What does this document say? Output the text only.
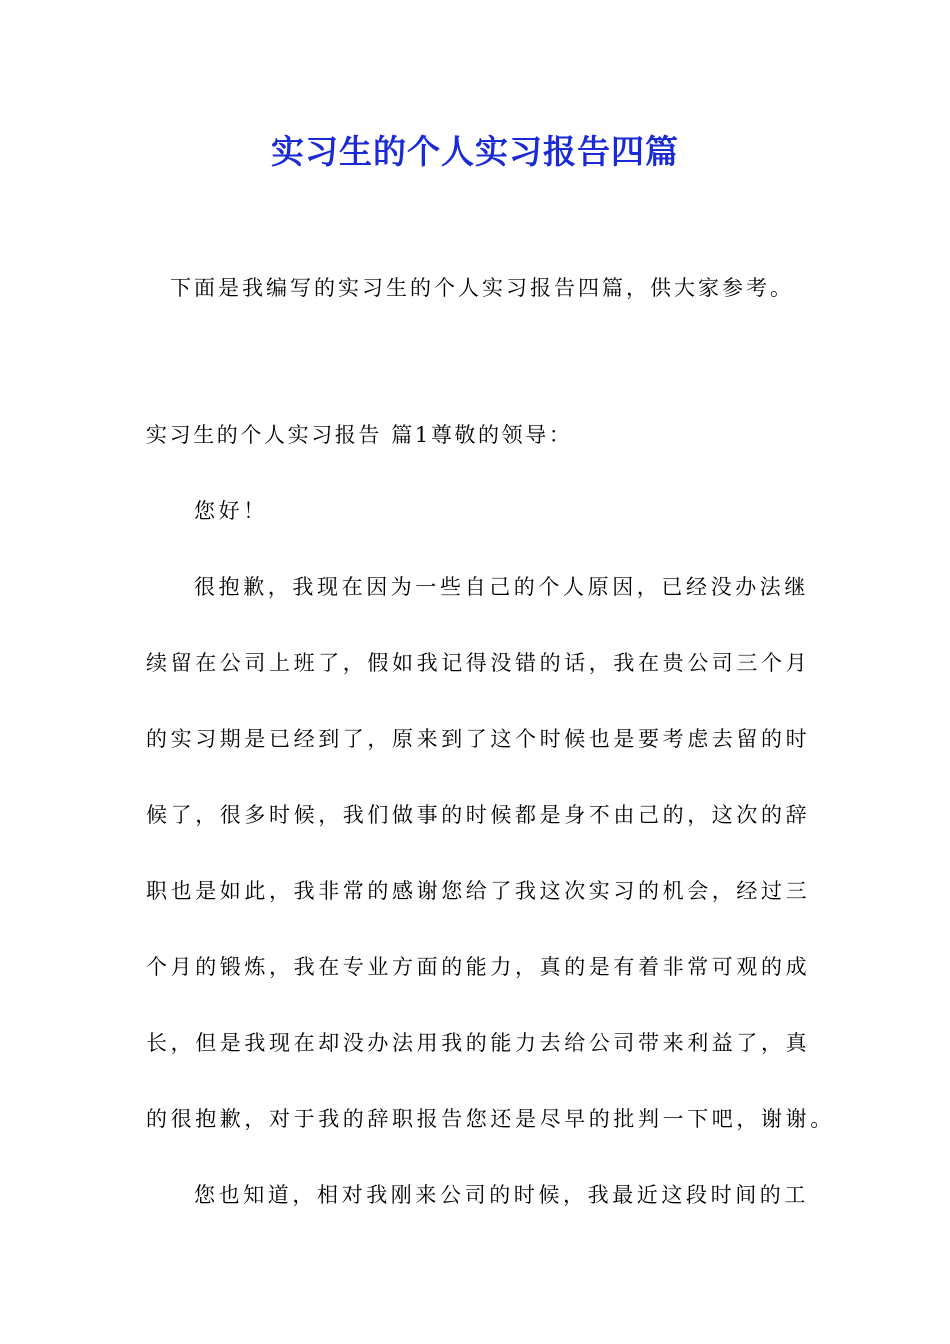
实习生的个人实习报告四篇

下面是我编写的实习生的个人实习报告四篇，供大家参考。

实习生的个人实习报告 篇1尊敬的领导：
您好！
很抱歉，我现在因为一些自己的个人原因，已经没办法继
续留在公司上班了，假如我记得没错的话，我在贵公司三个月
的实习期是已经到了，原来到了这个时候也是要考虑去留的时
候了，很多时候，我们做事的时候都是身不由己的，这次的辞
职也是如此，我非常的感谢您给了我这次实习的机会，经过三
个月的锻炼，我在专业方面的能力，真的是有着非常可观的成
长，但是我现在却没办法用我的能力去给公司带来利益了，真
的很抱歉，对于我的辞职报告您还是尽早的批判一下吧，谢谢。
您也知道，相对我刚来公司的时候，我最近这段时间的工
